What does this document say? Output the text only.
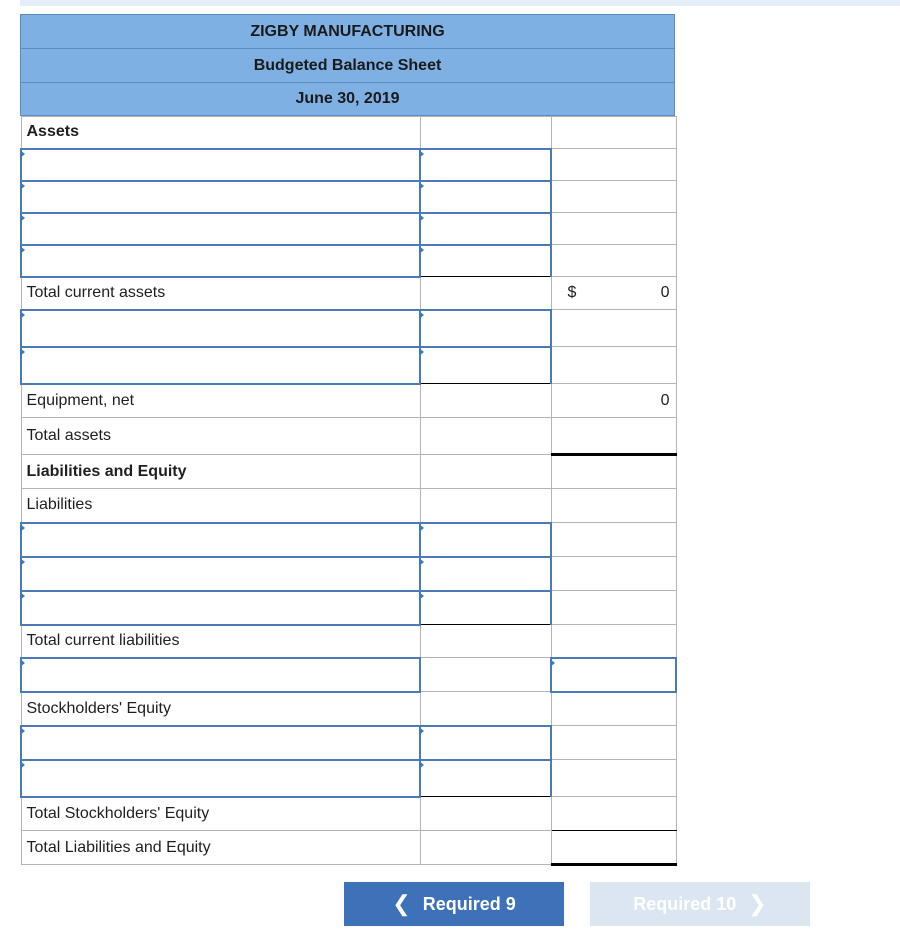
ZIGBY MANUFACTURING
Budgeted Balance Sheet
June 30, 2019
Assets		

Total current assets		$ 0

Equipment, net		0
Total assets		
Liabilities and Equity		
Liabilities		

Total current liabilities		

Stockholders' Equity		

Total Stockholders' Equity		
Total Liabilities and Equity		
❮ Required 9	Required 10 ❯
